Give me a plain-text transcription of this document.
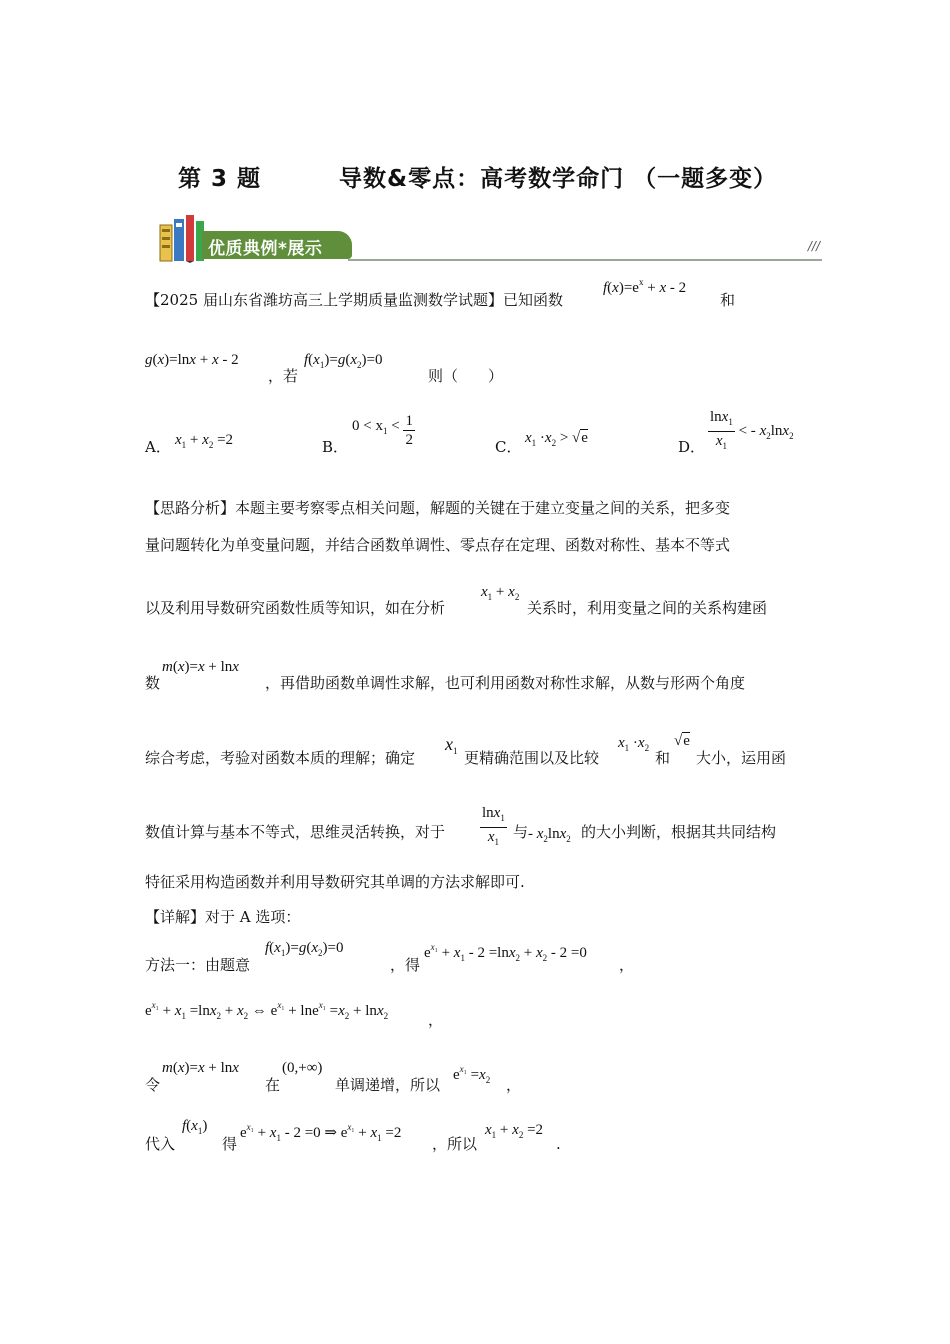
第 3 题	导数&零点：高考数学命门 （一题多变）
优质典例*展示	///
【2025 届山东省潍坊高三上学期质量监测数学试题】已知函数
$f(x)=e^x + x - 2$
和
g(x)=lnx + x - 2
，若
$f(x_1)=g(x_2)=0$
则（　　）
A． $x_1 + x_2 =2$	B．
$0 < x_1 < \frac{1}{2}$	C． $x_1 \cdot x_2 > √e$	D． $\frac{\ln x_1}{x_1}$ < - $x_2\ln x_2$
【思路分析】本题主要考察零点相关问题，解题的关键在于建立变量之间的关系，把多变
量问题转化为单变量问题，并结合函数单调性、零点存在定理、函数对称性、基本不等式
以及利用导数研究函数性质等知识，如在分析
$x_1 + x_2$
关系时，利用变量之间的关系构建函
数
m(x)=x + lnx
，再借助函数单调性求解，也可利用函数对称性求解，从数与形两个角度
综合考虑，考验对函数本质的理解；确定
$x_1$ 更精确范围以及比较
$x_1 \cdot x_2$
和
√e
大小，运用函
数值计算与基本不等式，思维灵活转换，对于 $\frac{\ln x_1}{x_1}$ 与 - $x_2\ln x_2$ 的大小判断，根据其共同结构
特征采用构造函数并利用导数研究其单调的方法求解即可.
【详解】对于 A 选项：
方法一：由题意
$f(x_1)=g(x_2)=0$
，得
$e^{x_1} + x_1 - 2 =\ln x_2 + x_2 - 2 =0$
，
$e^{x_1} + x_1 =\ln x_2 + x_2$ ⇔ $e^{x_1} + \ln e^{x_1} =x_2 + \ln x_2$	，
令
m(x)=x + lnx
在
(0,+∞)
单调递增，所以
$e^{x_1} =x_2$ ，
代入
$f(x_1)$
得
$e^{x_1} + x_1 - 2 =0$ ⇒ $e^{x_1} + x_1 =2$
，所以
$x_1 + x_2 =2$
.
